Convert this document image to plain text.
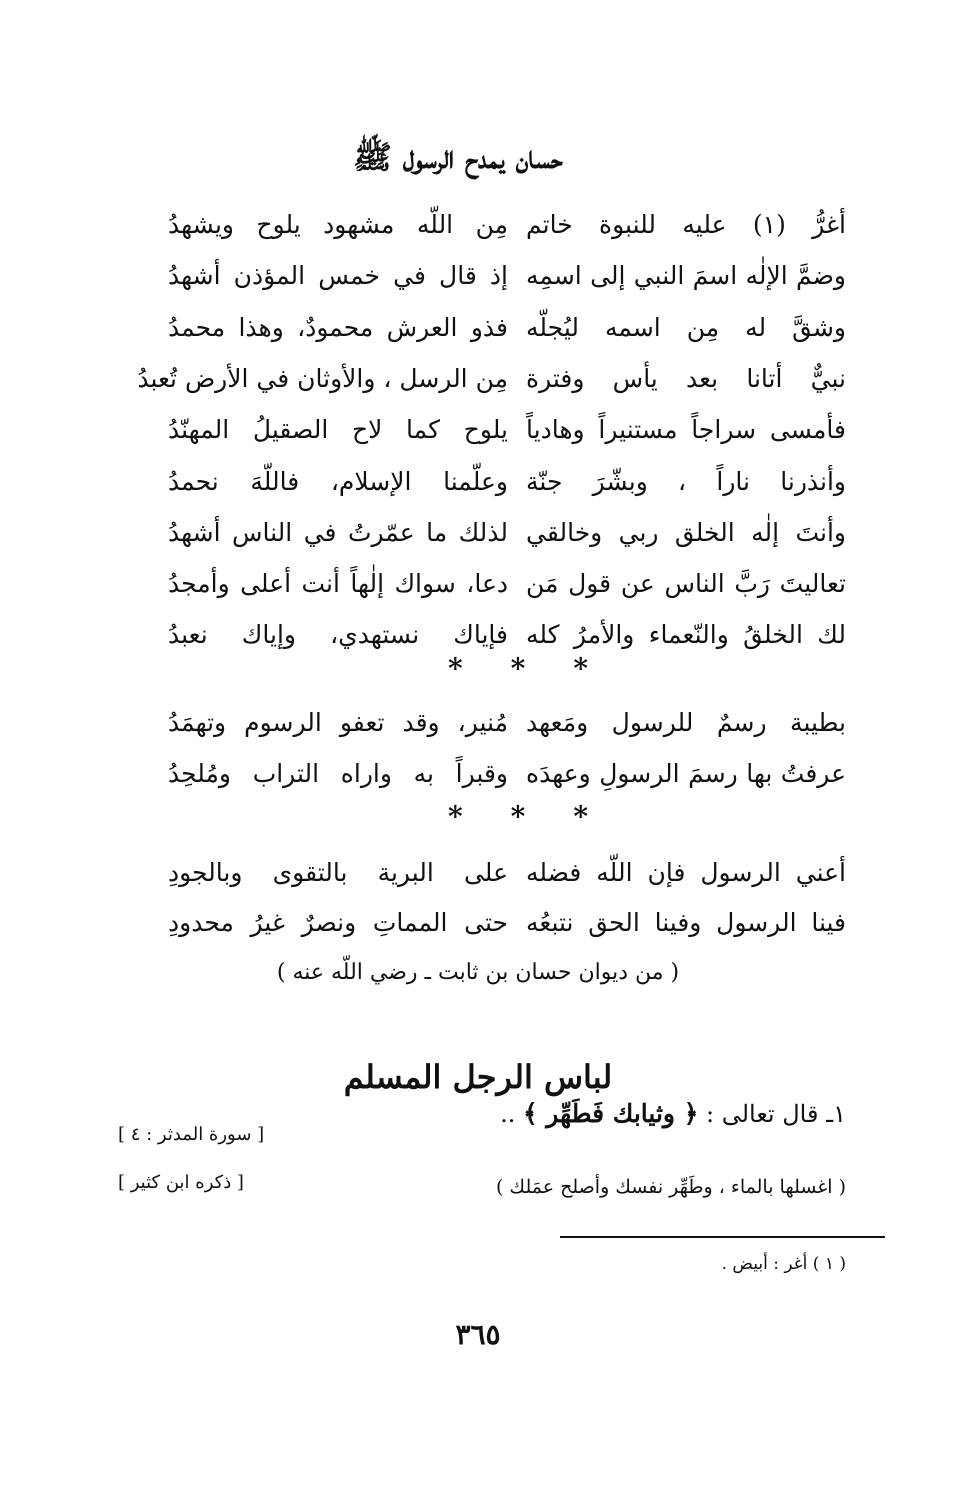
حسان يمدح الرسول ﷺ
أغرُّ (١) عليه للنبوة خاتم
مِن اللّه مشهود يلوح ويشهدُ
وضمَّ الإلٰه اسمَ النبي إلى اسمِه
إذ قال في خمس المؤذن أشهدُ
وشقَّ له مِن اسمه ليُجلّه
فذو العرش محمودٌ، وهذا محمدُ
نبيٌّ أتانا بعد يأس وفترة
مِن الرسل ، والأوثان في الأرض تُعبدُ
فأمسى سراجاً مستنيراً وهادياً
يلوح كما لاح الصقيلُ المهنّدُ
وأنذرنا ناراً ، وبشّرَ جنّة
وعلّمنا الإسلام، فاللّهَ نحمدُ
وأنتَ إلٰه الخلق ربي وخالقي
لذلك ما عمّرتُ في الناس أشهدُ
تعاليتَ رَبَّ الناس عن قول مَن
دعا، سواك إلٰهاً أنت أعلى وأمجدُ
لك الخلقُ والنّعماء والأمرُ كله
فإياك نستهدي، وإياك نعبدُ
*
*
*
بطيبة رسمٌ للرسول ومَعهد
مُنير، وقد تعفو الرسوم وتهمَدُ
عرفتُ بها رسمَ الرسولِ وعهدَه
وقبراً به واراه التراب ومُلحِدُ
*
*
*
أعني الرسول فإن اللّه فضله
على البرية بالتقوى وبالجودِ
فينا الرسول وفينا الحق نتبعُه
حتى المماتِ ونصرٌ غيرُ محدودِ
( من ديوان حسان بن ثابت ـ رضي اللّه عنه )
لباس الرجل المسلم
١ـ قال تعالى : ﴿ وثيابك فَطَهِّر ﴾ ..
[ سورة المدثر : ٤ ]
( اغسلها بالماء ، وطَهِّر نفسك وأصلح عمَلك )
[ ذكره ابن كثير ]
( ١ ) أغر : أبيض .
٣٦٥
